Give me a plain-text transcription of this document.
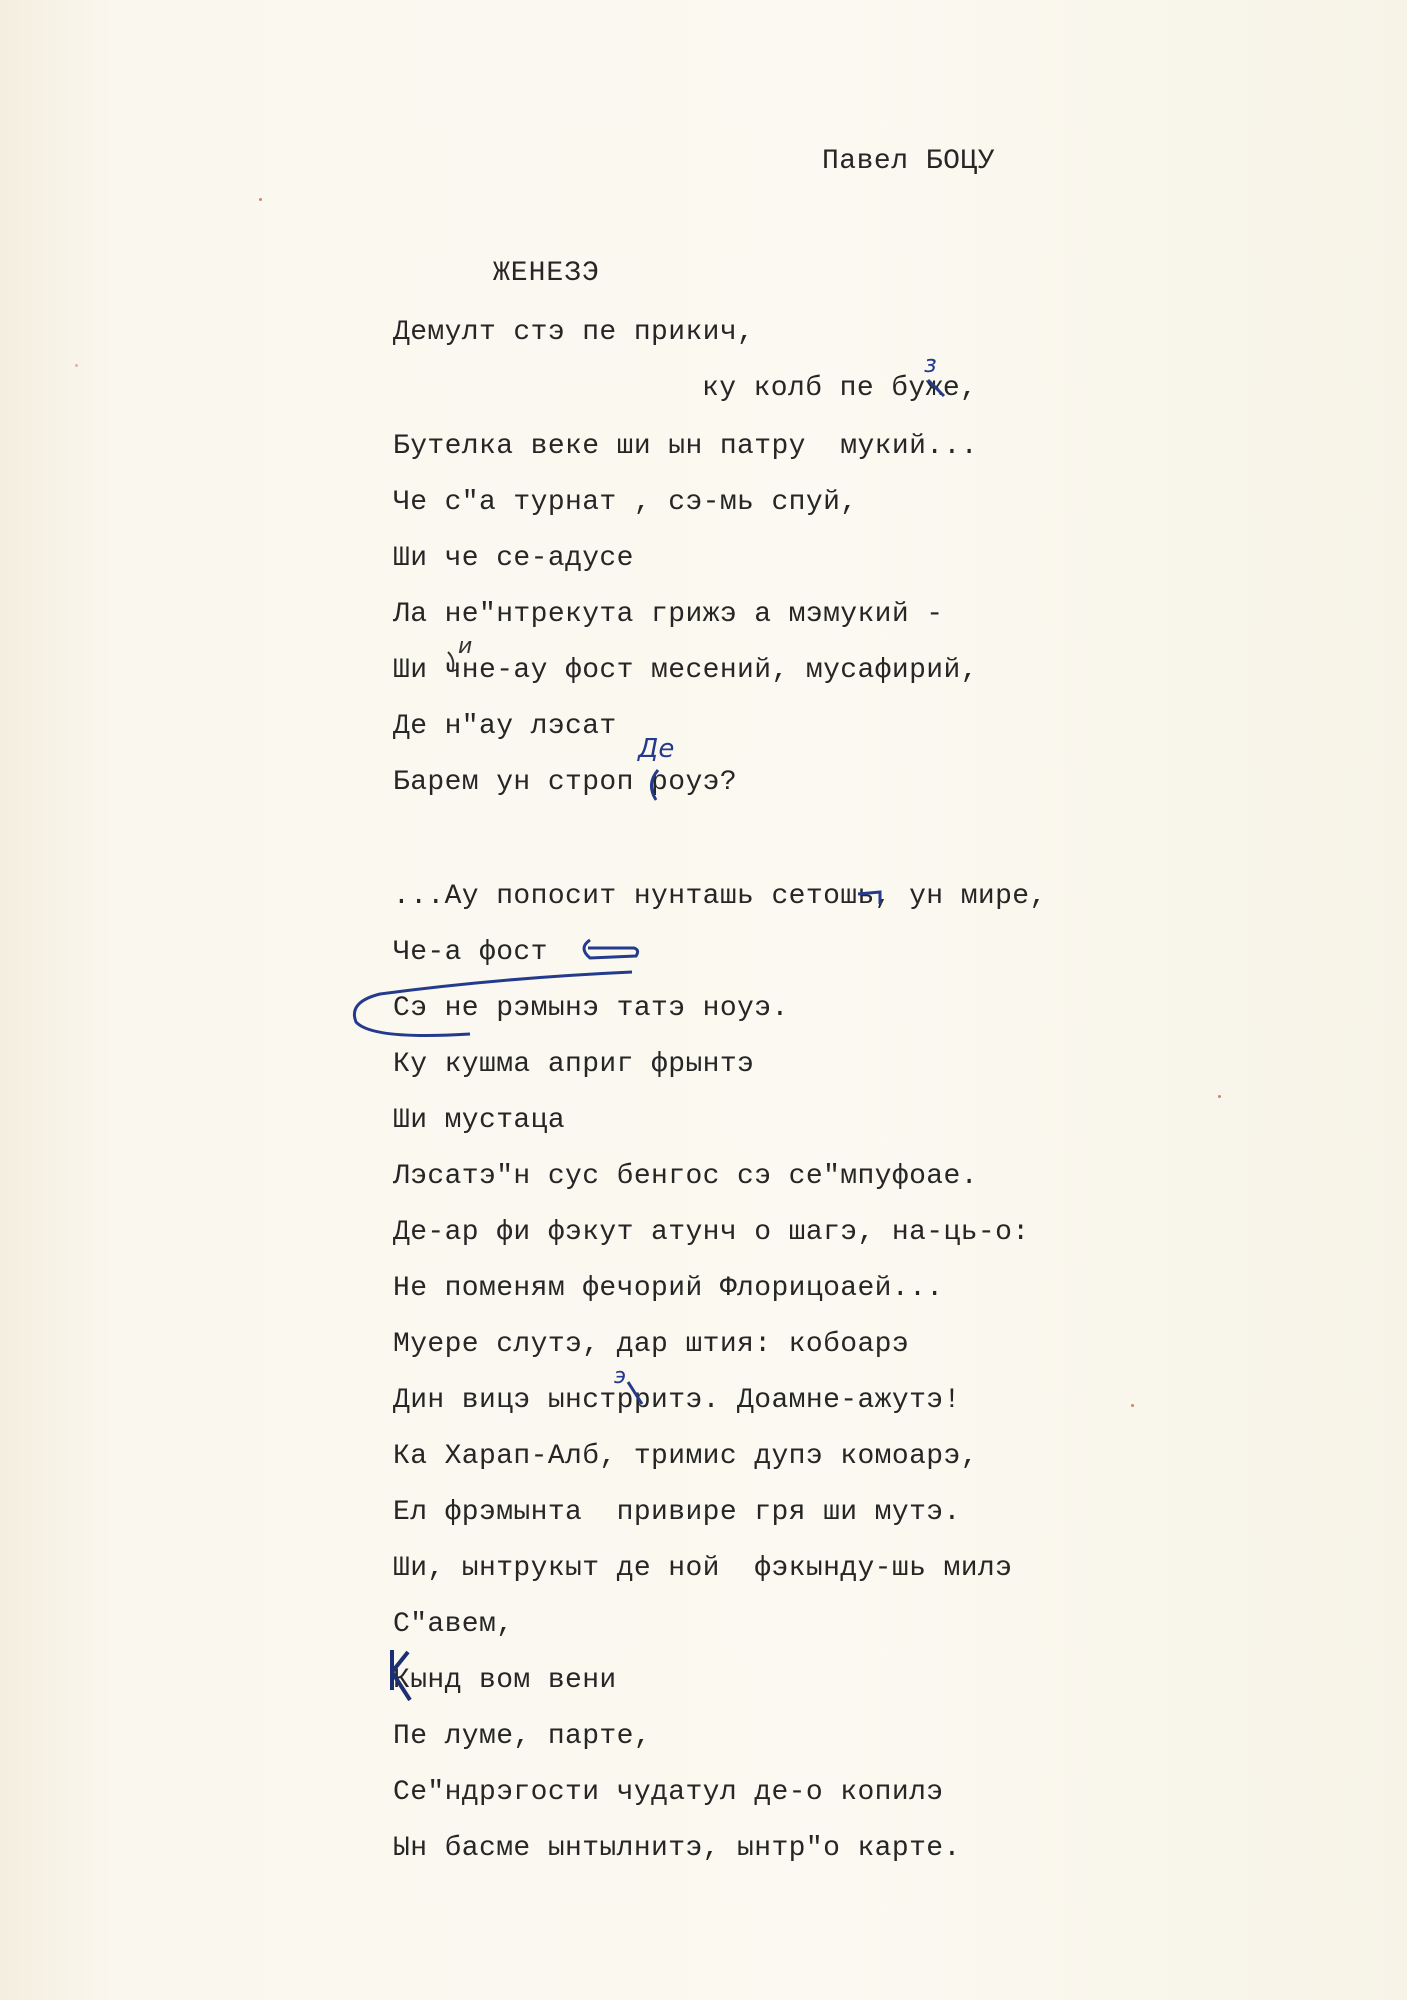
Павел БОЦУ
ЖЕНЕЗЭ
Демулт стэ пе прикич,
ку колб пе буже,
Бутелка веке ши ын патру  мукий...
Че с"а турнат , сэ-мь спуй,
Ши че се-адусе
Ла не"нтрекута грижэ а мэмукий -
Ши чне-ау фост месений, мусафирий,
Де н"ау лэсат
Барем ун строп роуэ?
...Ау попосит нунташь сетошь, ун мире,
Че-а фост
Сэ не рэмынэ татэ ноуэ.
Ку кушма априг фрынтэ
Ши мустаца
Лэсатэ"н сус бенгос сэ се"мпуфоае.
Де-ар фи фэкут атунч о шагэ, на-ць-о:
Не поменям фечорий Флорицоаей...
Муере слутэ, дар штия: кобоарэ
Дин вицэ ынстрритэ. Доамне-ажутэ!
Ка Харап-Алб, тримис дупэ комоарэ,
Ел фрэмынта  привире гря ши мутэ.
Ши, ынтрукыт де ной  фэкынду-шь милэ
С"авем,
Кынд вом вени
Пе луме, парте,
Се"ндрэгости чудатул де-о копилэ
Ын басме ынтылнитэ, ынтр"о карте.
з
и
Де
э
